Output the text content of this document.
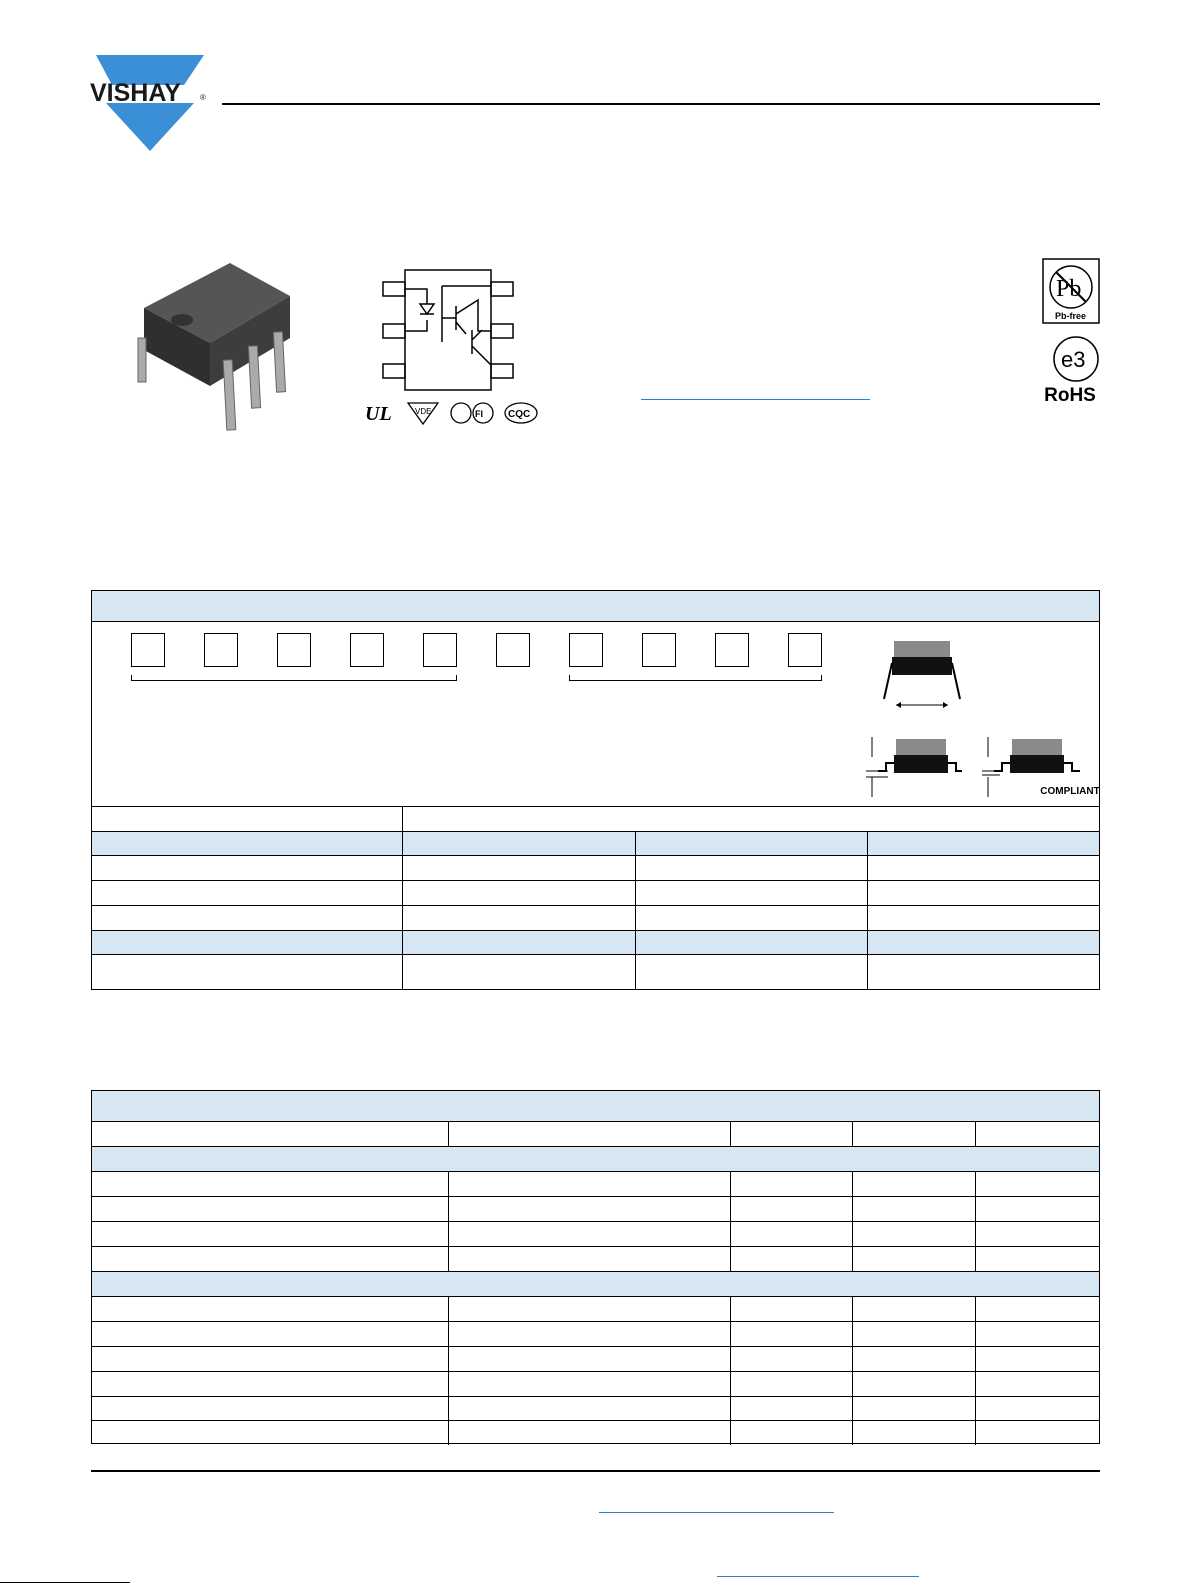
VISHAY ®
UL	VDE	FI	CQC
Pb
Pb-free
e3
RoHS
COMPLIANT
